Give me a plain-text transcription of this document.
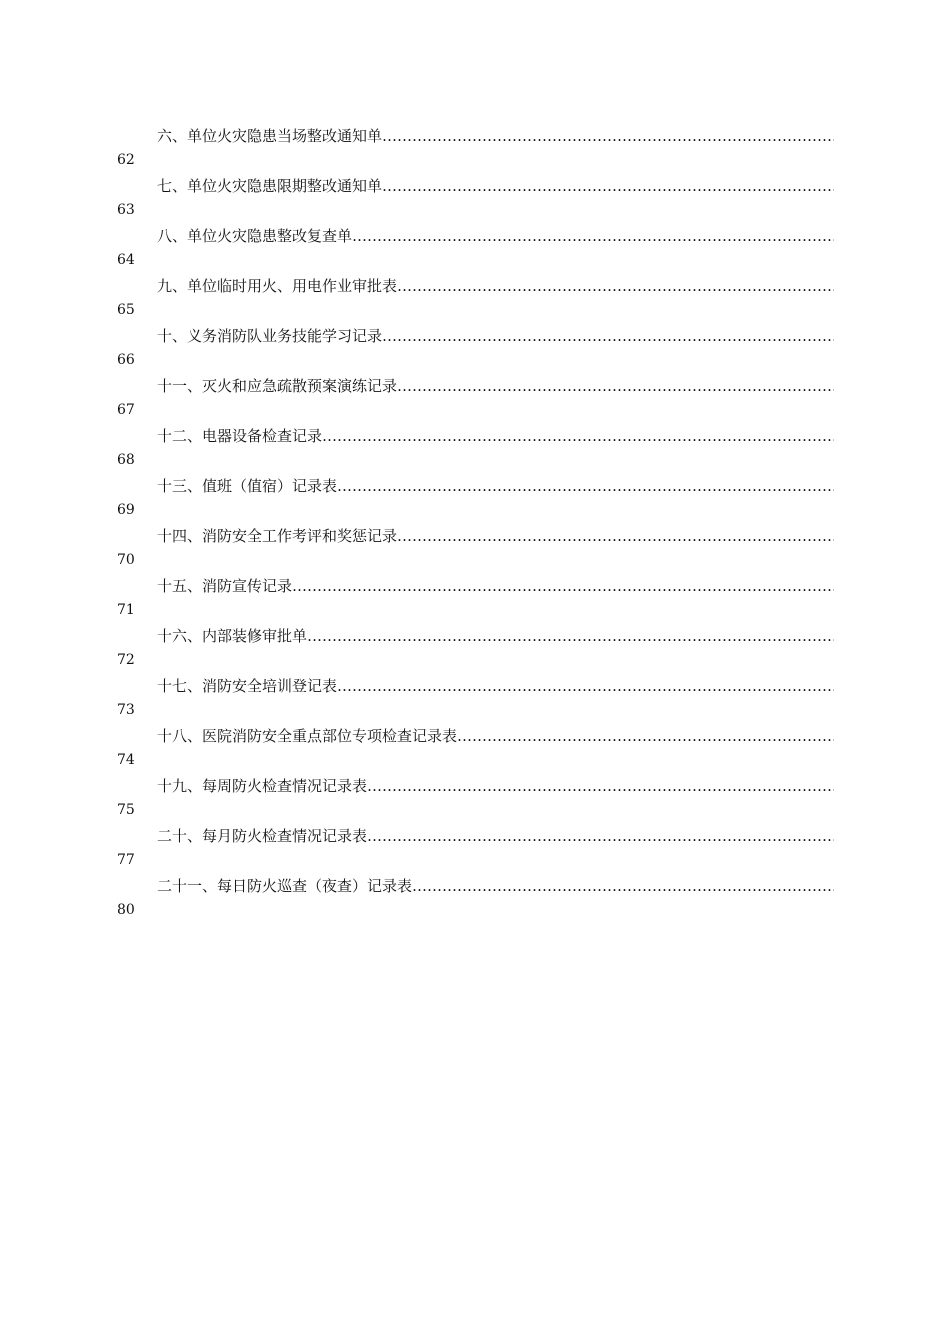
六、单位火灾隐患当场整改通知单 …………………………………………………………………………………………………………………………………………………………………………
62
七、单位火灾隐患限期整改通知单 …………………………………………………………………………………………………………………………………………………………………………
63
八、单位火灾隐患整改复查单 …………………………………………………………………………………………………………………………………………………………………………
64
九、单位临时用火、用电作业审批表 …………………………………………………………………………………………………………………………………………………………………………
65
十、义务消防队业务技能学习记录 …………………………………………………………………………………………………………………………………………………………………………
66
十一、灭火和应急疏散预案演练记录 …………………………………………………………………………………………………………………………………………………………………………
67
十二、电器设备检查记录 …………………………………………………………………………………………………………………………………………………………………………
68
十三、值班（值宿）记录表 …………………………………………………………………………………………………………………………………………………………………………
69
十四、消防安全工作考评和奖惩记录 …………………………………………………………………………………………………………………………………………………………………………
70
十五、消防宣传记录 …………………………………………………………………………………………………………………………………………………………………………
71
十六、内部装修审批单 …………………………………………………………………………………………………………………………………………………………………………
72
十七、消防安全培训登记表 …………………………………………………………………………………………………………………………………………………………………………
73
十八、医院消防安全重点部位专项检查记录表 …………………………………………………………………………………………………………………………………………………………………………
74
十九、每周防火检查情况记录表 …………………………………………………………………………………………………………………………………………………………………………
75
二十、每月防火检查情况记录表 …………………………………………………………………………………………………………………………………………………………………………
77
二十一、每日防火巡查（夜查）记录表 …………………………………………………………………………………………………………………………………………………………………………
80
